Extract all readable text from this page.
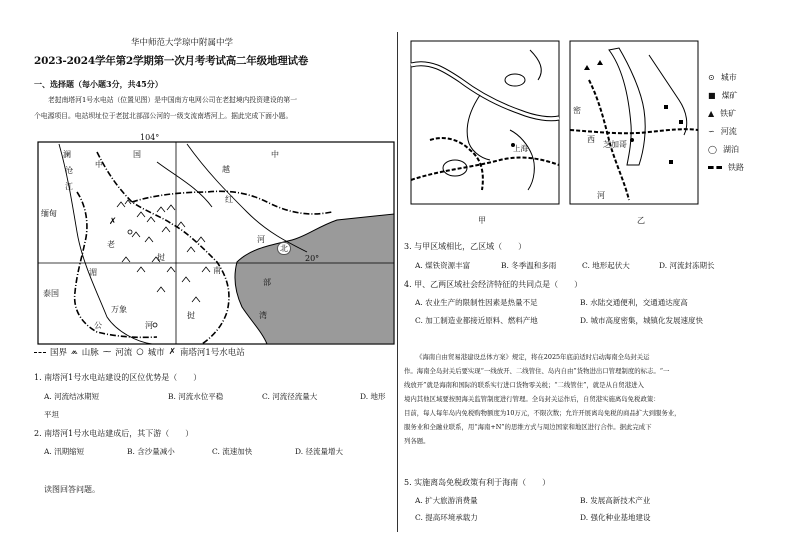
华中师范大学琼中附属中学
2023-2024学年第2学期第一次月考考试高二年级地理试卷
一、选择题（每小题3分，共45分）
老挝南塔河1号水电站（位置见图）是中国南方电网公司在老挝境内投资建设的第一
个电源项目。电站坝址位于老挝北部邵公河的一级支流南塔河上。据此完成下面小题。
✗
104°
20°
澜
沧
江
缅甸
中
国
老
挝
湄
泰国
公
万象
河
红
河
越
南
北
部
湾
中
挝
国界 ⩕ 山脉 ⁓ 河流 ○ 城市 ✗ 南塔河1号水电站
1. 南塔河1号水电站建设的区位优势是（　　）
A. 河流结冰期短	B. 河流水位平稳	C. 河流径流量大	D. 地形
平坦
2. 南塔河1号水电站建成后，其下游（　　）
A. 汛期缩短	B. 含沙量减小	C. 流速加快	D. 径流量增大
读图回答问题。
上海
甲
密
西
芝加哥
河
乙
⊙ 城市
■ 煤矿
▲ 铁矿
∽ 河流
◯ 湖泊
铁路
3. 与甲区域相比，乙区域（　　）
A. 煤铁资源丰富	B. 冬季温和多雨	C. 地形起伏大	D. 河流封冻期长
4. 甲、乙两区域社会经济特征的共同点是（　　）
A. 农业生产的限制性因素是热量不足	B. 水陆交通便利，交通通达度高
C. 加工制造业都接近原料、燃料产地	D. 城市高度密集，城镇化发展速度快
《海南自由贸易港建设总体方案》规定，将在2025年底前适时启动海南全岛封关运
作。海南全岛封关后要实现“一线放开、二线管住、岛内自由”货物进出口管理制度的标志。“一
线放开”就是海南和国际的联系实行进口货物零关税；“二线管住”，就是从自贸港进入
境内其他区域要按照海关监管制度进行管理。全岛封关运作后，自贸港实施离岛免税政策：
目前，每人每年岛内免税购物额度为10万元，不限次数；允许开展离岛免税的商品扩大到服务业，
服务业和全融业联系，用“海南+N”的思维方式与周边国家和地区进行合作。据此完成下
列各题。
5. 实施离岛免税政策有利于海南（　　）
A. 扩大旅游消费量	B. 发展高新技术产业
C. 提高环境承载力	D. 强化种业基地建设
